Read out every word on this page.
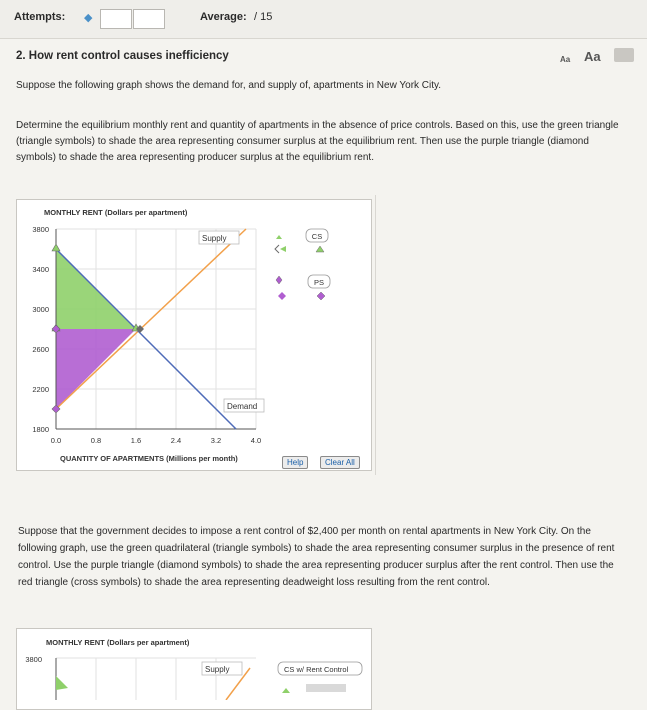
Attempts: ◆	Average: / 15
2. How rent control causes inefficiency	Aa Aa
Suppose the following graph shows the demand for, and supply of, apartments in New York City.
Determine the equilibrium monthly rent and quantity of apartments in the absence of price controls. Based on this, use the green triangle (triangle symbols) to shade the area representing consumer surplus at the equilibrium rent. Then use the purple triangle (diamond symbols) to shade the area representing producer surplus at the equilibrium rent.
MONTHLY RENT (Dollars per apartment)
Supply
Demand
3800
3400
3000
2600
2200
1800
0.0	0.8	1.6	2.4	3.2	4.0
QUANTITY OF APARTMENTS (Millions per month)
CS
PS
Help	Clear All
Suppose that the government decides to impose a rent control of $2,400 per month on rental apartments in New York City. On the following graph, use the green quadrilateral (triangle symbols) to shade the area representing consumer surplus in the presence of rent control. Use the purple triangle (diamond symbols) to shade the area representing producer surplus after the rent control. Then use the red triangle (cross symbols) to shade the area representing deadweight loss resulting from the rent control.
MONTHLY RENT (Dollars per apartment)
3800
Supply	CS w/ Rent Control
